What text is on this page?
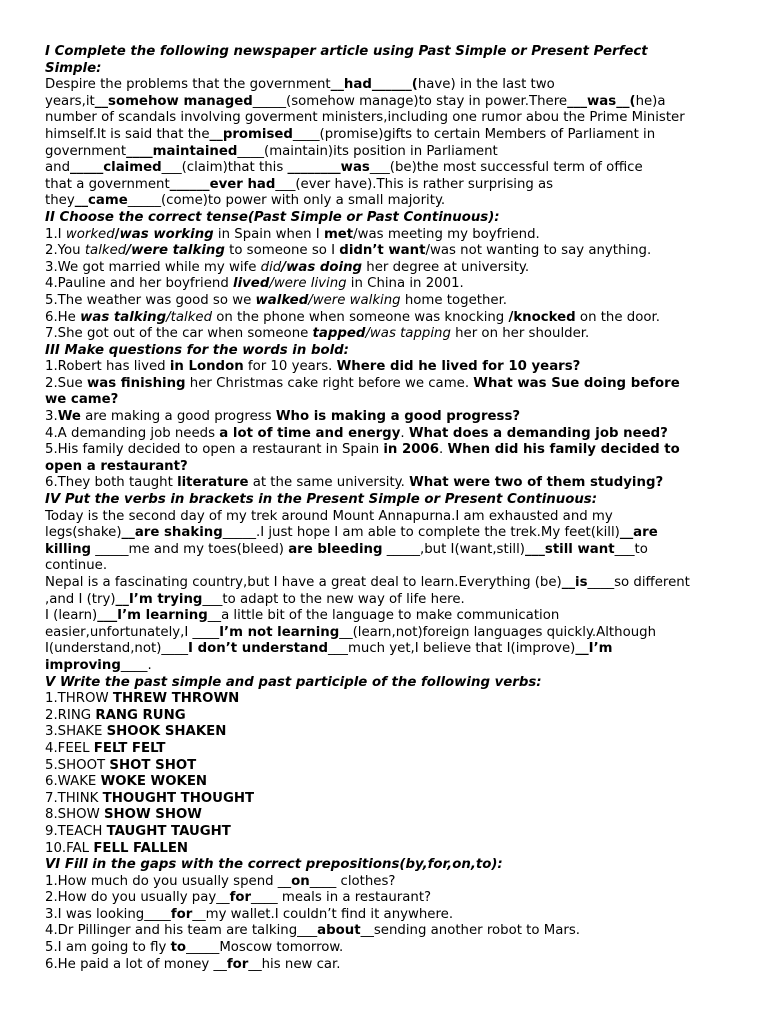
I Complete the following newspaper article using Past Simple or Present Perfect
Simple:
Despire the problems that the government__had______(have) in the last two
years,it__somehow managed_____(somehow manage)to stay in power.There___was__(he)a
number of scandals involving goverment ministers,including one rumor abou the Prime Minister
himself.It is said that the__promised____(promise)gifts to certain Members of Parliament in
government____maintained____(maintain)its position in Parliament
and_____claimed___(claim)that this ________was___(be)the most successful term of office
that a government______ever had___(ever have).This is rather surprising as
they__came_____(come)to power with only a small majority.
II Choose the correct tense(Past Simple or Past Continuous):
1.I worked/was working in Spain when I met/was meeting my boyfriend.
2.You talked/were talking to someone so I didn’t want/was not wanting to say anything.
3.We got married while my wife did/was doing her degree at university.
4.Pauline and her boyfriend lived/were living in China in 2001.
5.The weather was good so we walked/were walking home together.
6.He was talking/talked on the phone when someone was knocking /knocked on the door.
7.She got out of the car when someone tapped/was tapping her on her shoulder.
III Make questions for the words in bold:
1.Robert has lived in London for 10 years. Where did he lived for 10 years?
2.Sue was finishing her Christmas cake right before we came. What was Sue doing before
we came?
3.We are making a good progress Who is making a good progress?
4.A demanding job needs a lot of time and energy. What does a demanding job need?
5.His family decided to open a restaurant in Spain in 2006. When did his family decided to
open a restaurant?
6.They both taught literature at the same university. What were two of them studying?
IV Put the verbs in brackets in the Present Simple or Present Continuous:
Today is the second day of my trek around Mount Annapurna.I am exhausted and my
legs(shake)__are shaking_____.I just hope I am able to complete the trek.My feet(kill)__are
killing _____me and my toes(bleed) are bleeding _____,but I(want,still)___still want___to
continue.
Nepal is a fascinating country,but I have a great deal to learn.Everything (be)__is____so different
,and I (try)__I’m trying___to adapt to the new way of life here.
I (learn)___I’m learning__a little bit of the language to make communication
easier,unfortunately,I ____I’m not learning__(learn,not)foreign languages quickly.Although
I(understand,not)____I don’t understand___much yet,I believe that I(improve)__I’m
improving____.
V Write the past simple and past participle of the following verbs:
1.THROW THREW THROWN
2.RING RANG RUNG
3.SHAKE SHOOK SHAKEN
4.FEEL FELT FELT
5.SHOOT SHOT SHOT
6.WAKE WOKE WOKEN
7.THINK THOUGHT THOUGHT
8.SHOW SHOW SHOW
9.TEACH TAUGHT TAUGHT
10.FAL FELL FALLEN
VI Fill in the gaps with the correct prepositions(by,for,on,to):
1.How much do you usually spend __on____ clothes?
2.How do you usually pay__for____ meals in a restaurant?
3.I was looking____for__my wallet.I couldn’t find it anywhere.
4.Dr Pillinger and his team are talking___about__sending another robot to Mars.
5.I am going to fly to_____Moscow tomorrow.
6.He paid a lot of money __for__his new car.
